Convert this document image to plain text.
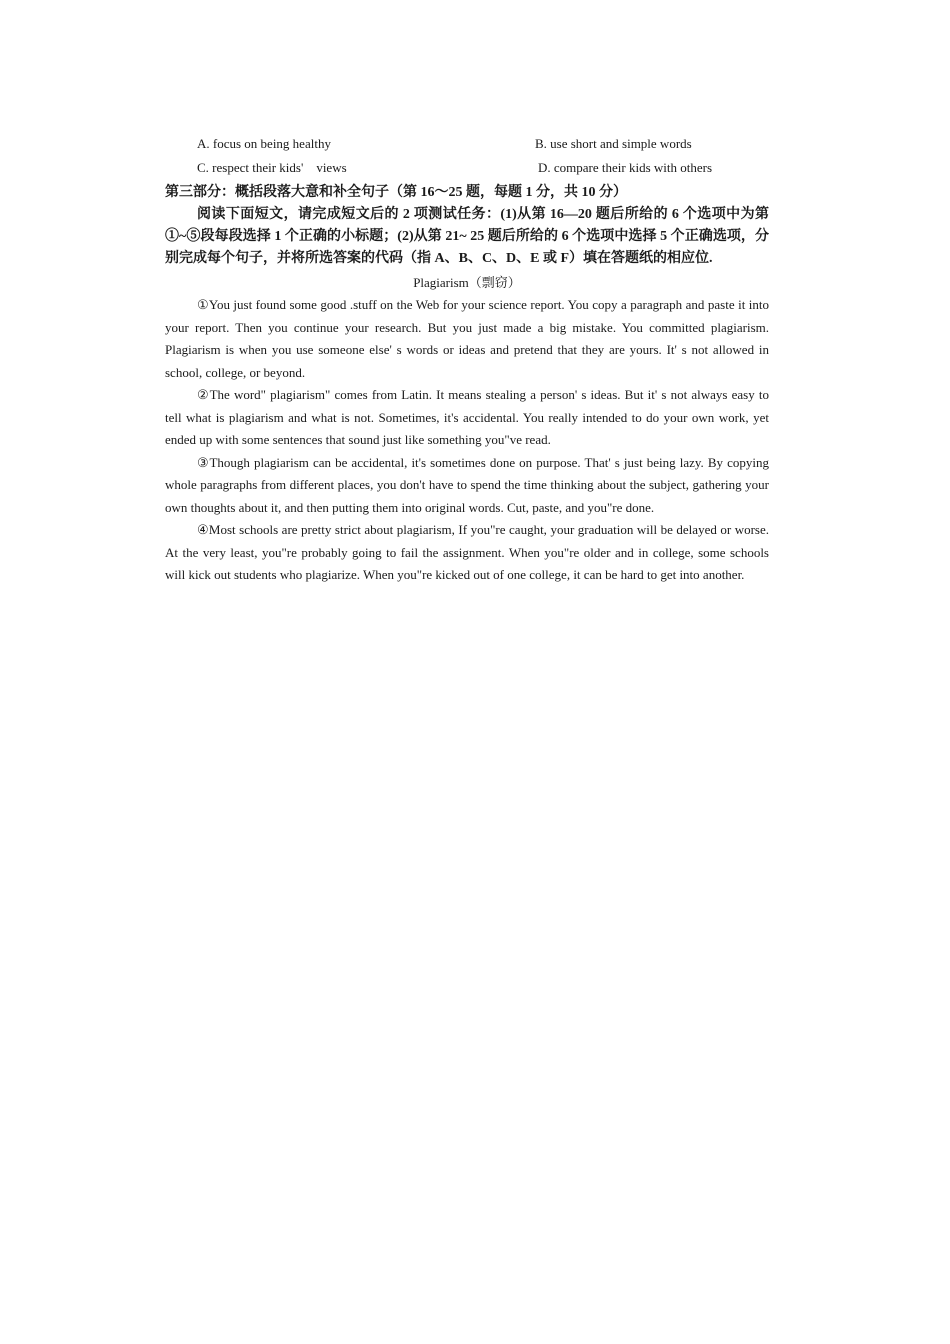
A. focus on being healthy	B. use short and simple words
C. respect their kids'    views	D. compare their kids with others
第三部分：概括段落大意和补全句子（第 16～25 题，每题 1 分，共 10 分）

阅读下面短文，请完成短文后的 2 项测试任务：(1)从第 16—20 题后所给的 6 个选项中为第①~⑤段每段选择 1 个正确的小标题；(2)从第 21~ 25 题后所给的 6 个选项中选择 5 个正确选项，分别完成每个句子，并将所选答案的代码（指 A、B、C、D、E 或 F）填在答题纸的相应位.

Plagiarism（剽窃）

①You just found some good .stuff on the Web for your science report. You copy a paragraph and paste it into your report. Then you continue your research. But you just made a big mistake. You committed plagiarism. Plagiarism is when you use someone else' s words or ideas and pretend that they are yours. It' s not allowed in school, college, or beyond.

②The word" plagiarism" comes from Latin. It means stealing a person' s ideas. But it' s not always easy to tell what is plagiarism and what is not. Sometimes, it's accidental. You really intended to do your own work, yet ended up with some sentences that sound just like something you"ve read.

③Though plagiarism can be accidental, it's sometimes done on purpose. That' s just being lazy. By copying whole paragraphs from different places, you don't have to spend the time thinking about the subject, gathering your own thoughts about it, and then putting them into original words. Cut, paste, and you"re done.

④Most schools are pretty strict about plagiarism, If you"re caught, your graduation will be delayed or worse. At the very least, you"re probably going to fail the assignment. When you"re older and in college, some schools will kick out students who plagiarize. When you"re kicked out of one college, it can be hard to get into another.
